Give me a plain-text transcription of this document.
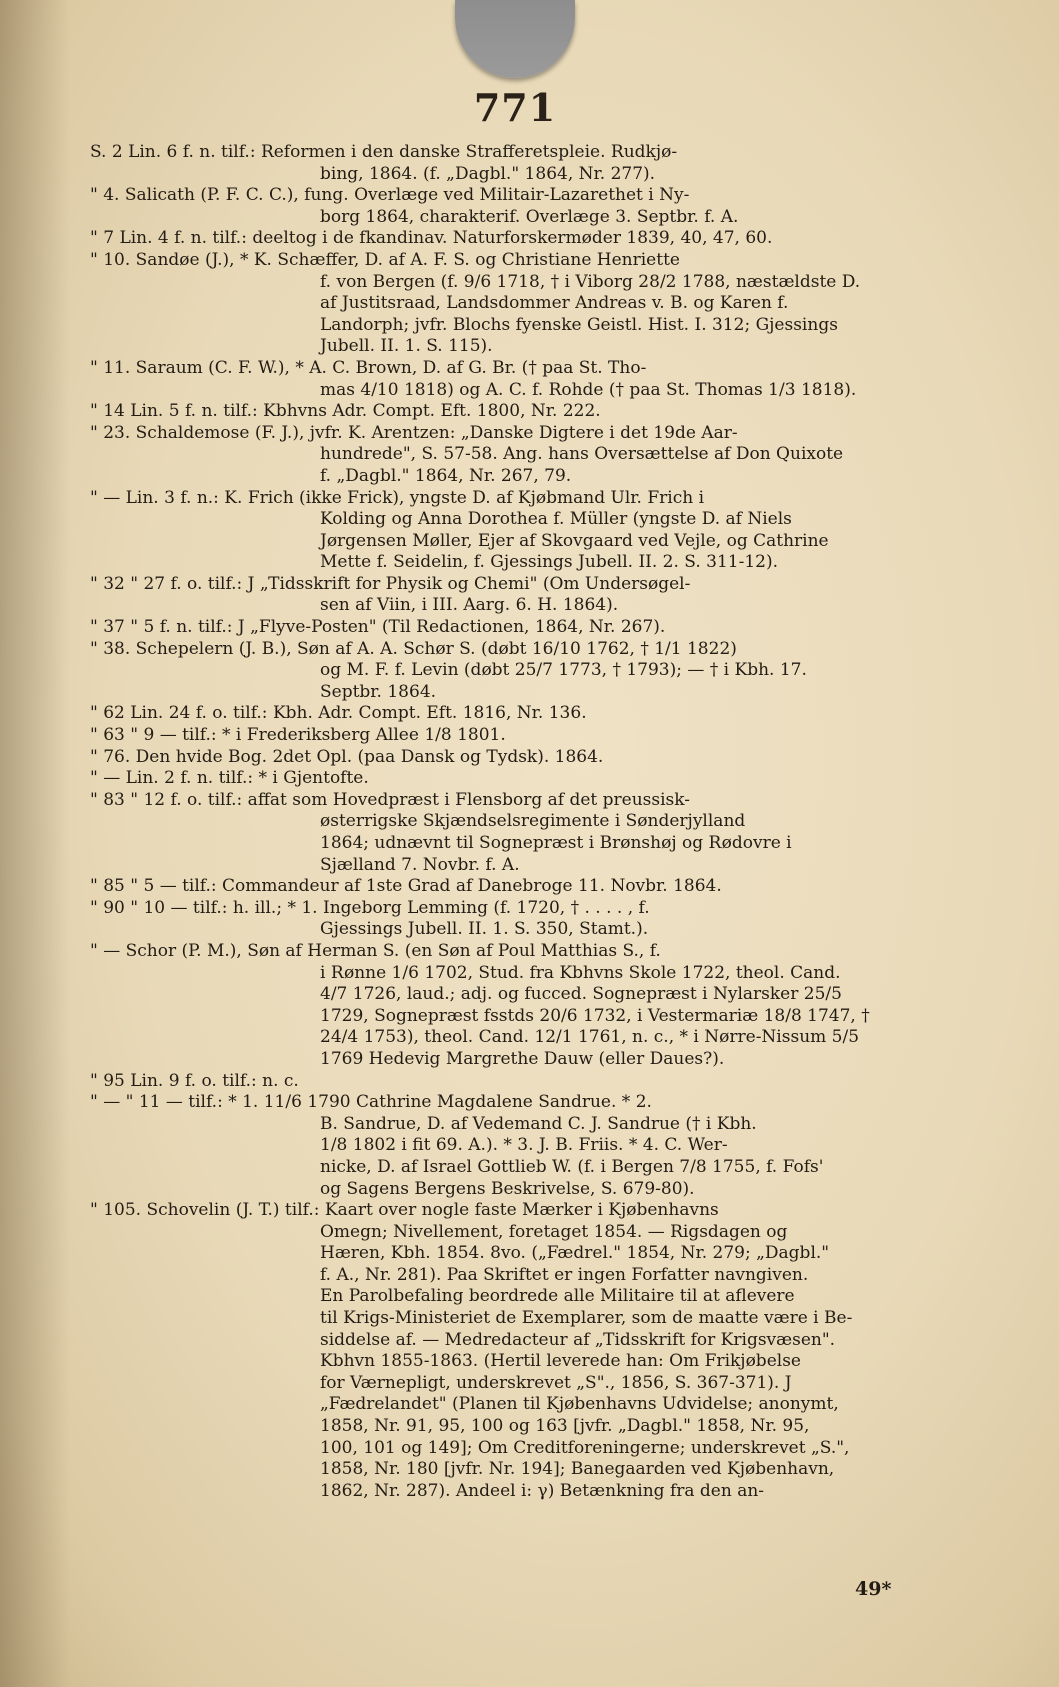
771
S. 2 Lin. 6 f. n. tilf.: Reformen i den danske Strafferetspleie. Rudkjø-
bing, 1864. (f. „Dagbl." 1864, Nr. 277).
" 4. Salicath (P. F. C. C.), fung. Overlæge ved Militair-Lazarethet i Ny-
borg 1864, charakterif. Overlæge 3. Septbr. f. A.
" 7 Lin. 4 f. n. tilf.: deeltog i de fkandinav. Naturforskermøder 1839, 40, 47, 60.
" 10. Sandøe (J.), * K. Schæffer, D. af A. F. S. og Christiane Henriette
f. von Bergen (f. 9/6 1718, † i Viborg 28/2 1788, næstældste D.
af Justitsraad, Landsdommer Andreas v. B. og Karen f.
Landorph; jvfr. Blochs fyenske Geistl. Hist. I. 312; Gjessings
Jubell. II. 1. S. 115).
" 11. Saraum (C. F. W.), * A. C. Brown, D. af G. Br. († paa St. Tho-
mas 4/10 1818) og A. C. f. Rohde († paa St. Thomas 1/3 1818).
" 14 Lin. 5 f. n. tilf.: Kbhvns Adr. Compt. Eft. 1800, Nr. 222.
" 23. Schaldemose (F. J.), jvfr. K. Arentzen: „Danske Digtere i det 19de Aar-
hundrede", S. 57-58. Ang. hans Oversættelse af Don Quixote
f. „Dagbl." 1864, Nr. 267, 79.
" — Lin. 3 f. n.: K. Frich (ikke Frick), yngste D. af Kjøbmand Ulr. Frich i
Kolding og Anna Dorothea f. Müller (yngste D. af Niels
Jørgensen Møller, Ejer af Skovgaard ved Vejle, og Cathrine
Mette f. Seidelin, f. Gjessings Jubell. II. 2. S. 311-12).
" 32 " 27 f. o. tilf.: J „Tidsskrift for Physik og Chemi" (Om Undersøgel-
sen af Viin, i III. Aarg. 6. H. 1864).
" 37 " 5 f. n. tilf.: J „Flyve-Posten" (Til Redactionen, 1864, Nr. 267).
" 38. Schepelern (J. B.), Søn af A. A. Schør S. (døbt 16/10 1762, † 1/1 1822)
og M. F. f. Levin (døbt 25/7 1773, † 1793); — † i Kbh. 17.
Septbr. 1864.
" 62 Lin. 24 f. o. tilf.: Kbh. Adr. Compt. Eft. 1816, Nr. 136.
" 63 " 9 — tilf.: * i Frederiksberg Allee 1/8 1801.
" 76. Den hvide Bog. 2det Opl. (paa Dansk og Tydsk). 1864.
" — Lin. 2 f. n. tilf.: * i Gjentofte.
" 83 " 12 f. o. tilf.: affat som Hovedpræst i Flensborg af det preussisk-
østerrigske Skjændselsregimente i Sønderjylland
1864; udnævnt til Sognepræst i Brønshøj og Rødovre i
Sjælland 7. Novbr. f. A.
" 85 " 5 — tilf.: Commandeur af 1ste Grad af Danebroge 11. Novbr. 1864.
" 90 " 10 — tilf.: h. ill.; * 1. Ingeborg Lemming (f. 1720, † . . . . , f.
Gjessings Jubell. II. 1. S. 350, Stamt.).
" — Schor (P. M.), Søn af Herman S. (en Søn af Poul Matthias S., f.
i Rønne 1/6 1702, Stud. fra Kbhvns Skole 1722, theol. Cand.
4/7 1726, laud.; adj. og fucced. Sognepræst i Nylarsker 25/5
1729, Sognepræst fsstds 20/6 1732, i Vestermariæ 18/8 1747, †
24/4 1753), theol. Cand. 12/1 1761, n. c., * i Nørre-Nissum 5/5
1769 Hedevig Margrethe Dauw (eller Daues?).
" 95 Lin. 9 f. o. tilf.: n. c.
" — " 11 — tilf.: * 1. 11/6 1790 Cathrine Magdalene Sandrue. * 2.
B. Sandrue, D. af Vedemand C. J. Sandrue († i Kbh.
1/8 1802 i fit 69. A.). * 3. J. B. Friis. * 4. C. Wer-
nicke, D. af Israel Gottlieb W. (f. i Bergen 7/8 1755, f. Fofs'
og Sagens Bergens Beskrivelse, S. 679-80).
" 105. Schovelin (J. T.) tilf.: Kaart over nogle faste Mærker i Kjøbenhavns
Omegn; Nivellement, foretaget 1854. — Rigsdagen og
Hæren, Kbh. 1854. 8vo. („Fædrel." 1854, Nr. 279; „Dagbl."
f. A., Nr. 281). Paa Skriftet er ingen Forfatter navngiven.
En Parolbefaling beordrede alle Militaire til at aflevere
til Krigs-Ministeriet de Exemplarer, som de maatte være i Be-
siddelse af. — Medredacteur af „Tidsskrift for Krigsvæsen".
Kbhvn 1855-1863. (Hertil leverede han: Om Frikjøbelse
for Værnepligt, underskrevet „S"., 1856, S. 367-371). J
„Fædrelandet" (Planen til Kjøbenhavns Udvidelse; anonymt,
1858, Nr. 91, 95, 100 og 163 [jvfr. „Dagbl." 1858, Nr. 95,
100, 101 og 149]; Om Creditforeningerne; underskrevet „S.",
1858, Nr. 180 [jvfr. Nr. 194]; Banegaarden ved Kjøbenhavn,
1862, Nr. 287). Andeel i: γ) Betænkning fra den an-
49*
